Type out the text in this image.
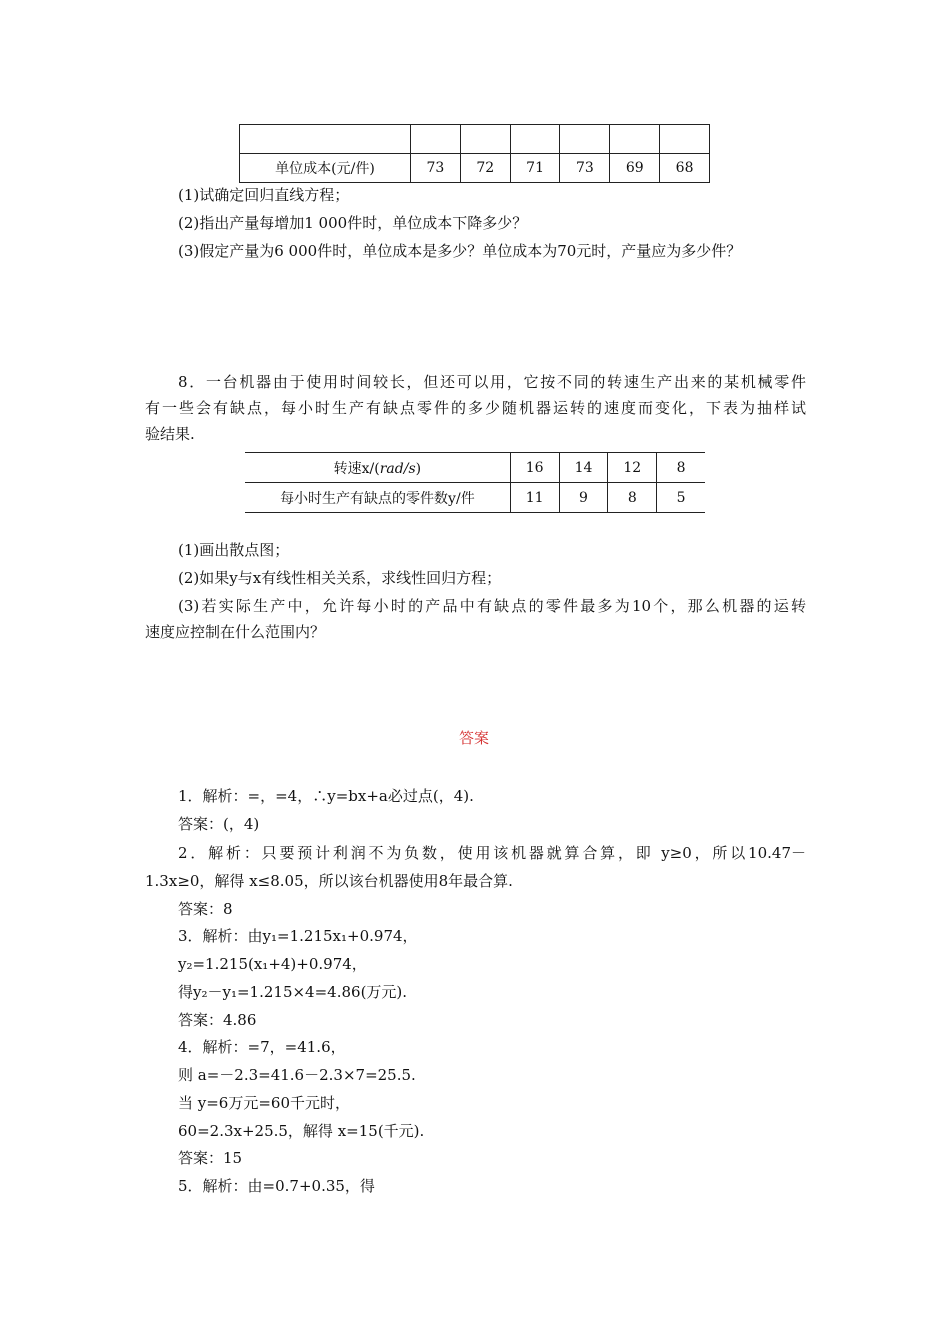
单位成本(元/件)	73	72	71	73	69	68
(1)试确定回归直线方程；
(2)指出产量每增加1 000件时，单位成本下降多少？
(3)假定产量为6 000件时，单位成本是多少？单位成本为70元时，产量应为多少件？
8．一台机器由于使用时间较长，但还可以用，它按不同的转速生产出来的某机械零件
有一些会有缺点，每小时生产有缺点零件的多少随机器运转的速度而变化，下表为抽样试
验结果.
转速x/(rad/s)	16	14	12	8
每小时生产有缺点的零件数y/件	11	9	8	5
(1)画出散点图；
(2)如果y与x有线性相关关系，求线性回归方程；
(3)若实际生产中，允许每小时的产品中有缺点的零件最多为10个，那么机器的运转
速度应控制在什么范围内？
答案
1．解析：=，=4，∴y=bx+a必过点(，4).
答案：(，4)
2．解析：只要预计利润不为负数，使用该机器就算合算，即 y≥0，所以10.47－
1.3x≥0，解得 x≤8.05，所以该台机器使用8年最合算.
答案：8
3．解析：由y₁=1.215x₁+0.974，
y₂=1.215(x₁+4)+0.974，
得y₂－y₁=1.215×4=4.86(万元).
答案：4.86
4．解析：=7，=41.6，
则 a=－2.3=41.6－2.3×7=25.5.
当 y=6万元=60千元时，
60=2.3x+25.5，解得 x=15(千元).
答案：15
5．解析：由=0.7+0.35，得
